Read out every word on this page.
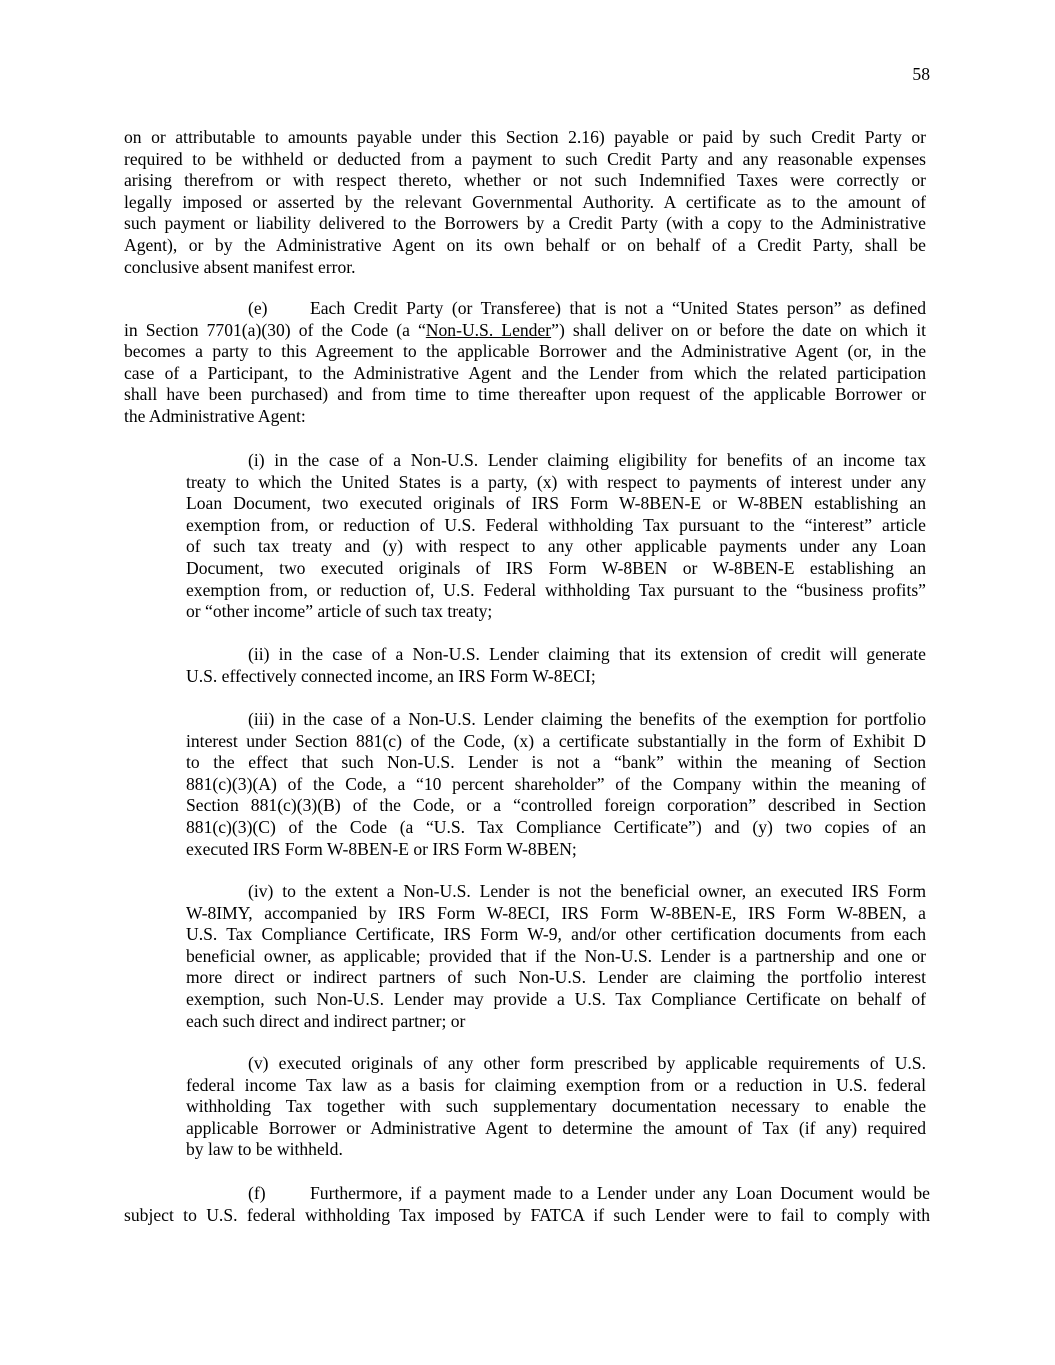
58
on or attributable to amounts payable under this Section 2.16) payable or paid by such Credit Party or
required to be withheld or deducted from a payment to such Credit Party and any reasonable expenses
arising therefrom or with respect thereto, whether or not such Indemnified Taxes were correctly or
legally imposed or asserted by the relevant Governmental Authority. A certificate as to the amount of
such payment or liability delivered to the Borrowers by a Credit Party (with a copy to the Administrative
Agent), or by the Administrative Agent on its own behalf or on behalf of a Credit Party, shall be
conclusive absent manifest error.
(e) Each Credit Party (or Transferee) that is not a “United States person” as defined
in Section 7701(a)(30) of the Code (a “Non-U.S. Lender”) shall deliver on or before the date on which it
becomes a party to this Agreement to the applicable Borrower and the Administrative Agent (or, in the
case of a Participant, to the Administrative Agent and the Lender from which the related participation
shall have been purchased) and from time to time thereafter upon request of the applicable Borrower or
the Administrative Agent:
(i) in the case of a Non-U.S. Lender claiming eligibility for benefits of an income tax
treaty to which the United States is a party, (x) with respect to payments of interest under any
Loan Document, two executed originals of IRS Form W-8BEN-E or W-8BEN establishing an
exemption from, or reduction of U.S. Federal withholding Tax pursuant to the “interest” article
of such tax treaty and (y) with respect to any other applicable payments under any Loan
Document, two executed originals of IRS Form W-8BEN or W-8BEN-E establishing an
exemption from, or reduction of, U.S. Federal withholding Tax pursuant to the “business profits”
or “other income” article of such tax treaty;
(ii) in the case of a Non-U.S. Lender claiming that its extension of credit will generate
U.S. effectively connected income, an IRS Form W-8ECI;
(iii) in the case of a Non-U.S. Lender claiming the benefits of the exemption for portfolio
interest under Section 881(c) of the Code, (x) a certificate substantially in the form of Exhibit D
to the effect that such Non-U.S. Lender is not a “bank” within the meaning of Section
881(c)(3)(A) of the Code, a “10 percent shareholder” of the Company within the meaning of
Section 881(c)(3)(B) of the Code, or a “controlled foreign corporation” described in Section
881(c)(3)(C) of the Code (a “U.S. Tax Compliance Certificate”) and (y) two copies of an
executed IRS Form W-8BEN-E or IRS Form W-8BEN;
(iv) to the extent a Non-U.S. Lender is not the beneficial owner, an executed IRS Form
W-8IMY, accompanied by IRS Form W-8ECI, IRS Form W-8BEN-E, IRS Form W-8BEN, a
U.S. Tax Compliance Certificate, IRS Form W-9, and/or other certification documents from each
beneficial owner, as applicable; provided that if the Non-U.S. Lender is a partnership and one or
more direct or indirect partners of such Non-U.S. Lender are claiming the portfolio interest
exemption, such Non-U.S. Lender may provide a U.S. Tax Compliance Certificate on behalf of
each such direct and indirect partner; or
(v) executed originals of any other form prescribed by applicable requirements of U.S.
federal income Tax law as a basis for claiming exemption from or a reduction in U.S. federal
withholding Tax together with such supplementary documentation necessary to enable the
applicable Borrower or Administrative Agent to determine the amount of Tax (if any) required
by law to be withheld.
(f)	Furthermore, if a payment made to a Lender under any Loan Document would be
subject to U.S. federal withholding Tax imposed by FATCA if such Lender were to fail to comply with
